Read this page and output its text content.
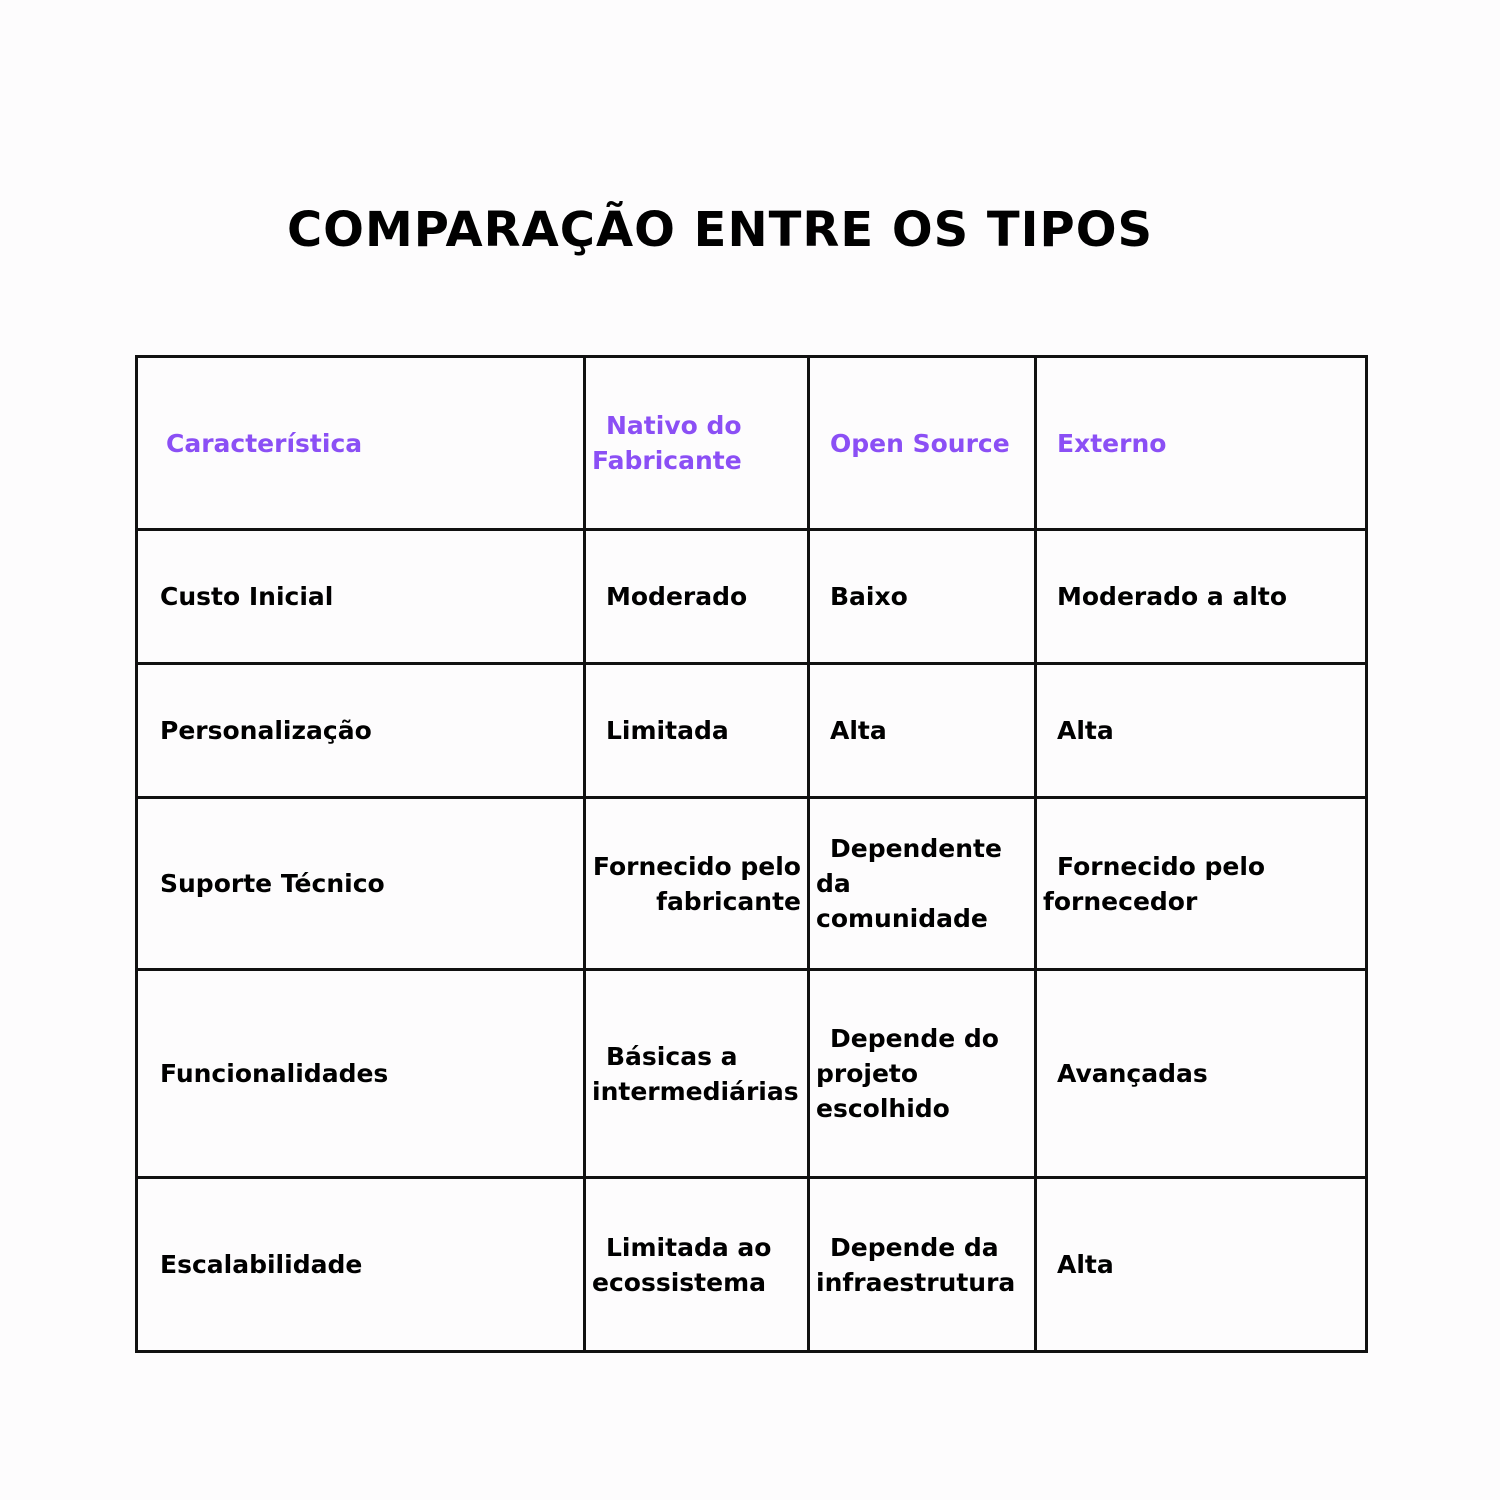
COMPARAÇÃO ENTRE OS TIPOS
Característica	Nativo do Fabricante	Open Source	Externo
Custo Inicial	Moderado	Baixo	Moderado a alto
Personalização	Limitada	Alta	Alta
Suporte Técnico	Fornecido pelo fabricante	Dependente da comunidade	Fornecido pelo fornecedor
Funcionalidades	Básicas a intermediárias	Depende do projeto escolhido	Avançadas
Escalabilidade	Limitada ao ecossistema	Depende da infraestrutura	Alta
